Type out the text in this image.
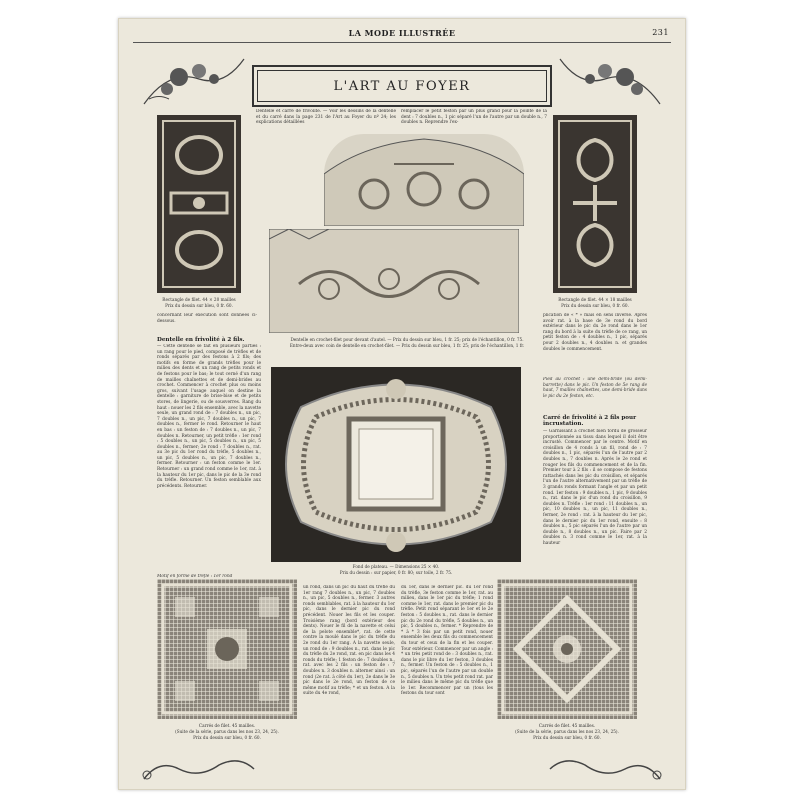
LA MODE ILLUSTRÉE	231
L'ART AU FOYER
Dentelle et carré de frivolité. — Voir les dessins de la dentelle et du carré dans la page 231 de l'Art au Foyer du nº 24; les explications détaillées
remplacer le petit feston par un plus grand pour la pointe de la dent : 7 doubles n., 1 pic séparé l'un de l'autre par un double n., 7 doubles n. Reprendre l'ex-
Rectangle de filet. 44 × 20 mailles
Prix du dessin sur bleu, 0 fr. 60.
concernant leur exécution sont données ci-dessous.
Rectangle de filet. 44 × 18 mailles
Prix du dessin sur bleu, 0 fr. 60.
Dentelle en crochet-filet pour devant d'autel. — Prix du dessin sur bleu, 1 fr. 25; prix de l'échantillon, 0 fr. 75.
Entre-deux avec coin de dentelle en crochet-filet. — Prix du dessin sur bleu, 1 fr. 25; prix de l'échantillon, 1 fr.
Dentelle en frivolité à 2 fils.
— Cette dentelle se fait en plusieurs parties : un rang pour le pied, composé de trèfles et de ronds séparés par des festons à 2 fils; des motifs en forme de grands trèfles pour le milieu des dents et un rang de petits ronds et de festons pour le bas; le tout cerné d'un rang de mailles chaînettes et de demi-brides au crochet. Commencer à crochet plus ou moins gros, suivant l'usage auquel on destine la dentelle : garniture de brise-bise et de petits stores, de lingerie, ou de sousverres. Rang du haut : nouer les 2 fils ensemble, avec la navette seule, un grand rond de : 7 doubles n., un pic, 7 doubles n., un pic, 7 doubles n., un pic, 7 doubles n., fermer le rond. Retourner le haut en bas : un feston de : 7 doubles n., un pic, 7 doubles n. Retourner, un petit trèfle : 1er rond : 5 doubles n., un pic, 5 doubles n., un pic, 5 doubles n., fermer; 2e rond : 7 doubles n., rat. au 3e pic du 1er rond du trèfle, 5 doubles n., un pic, 5 doubles n., un pic, 7 doubles n., fermer. Retourner : un feston comme le 1er. Retourner : un grand rond comme le 1er, rat. à la hauteur du 1er pic, dans le pic de la 3e rond du trèfle. Retourner. Un feston semblable aux précédents. Retourner.
Motif en forme de trèfle : 1er rond
plication de « * » mais en sens inverse. Après avoir rat. à la base de 3e rond du bord extérieur dans le pic du 2e rond dans le 1er rang du bord à la suite du trèfle de ce rang, un petit feston de : 4 doubles n., 1 pic, séparés pour 2 doubles n., 4 doubles n. et grandes doubles le commencement.
Pied au crochet : une demi-bride (ou demi-barrette) dans le pic. Un feston de 5e rang de haut, 7 mailles chaînettes, une demi-bride dans le pic du 2e feston, etc.
Carré de frivolité à 2 fils pour incrustation.
— Garnissant à crochet bien tordu de grosseur proportionnée au tissu dans lequel il doit être incrusté. Commencer par le centre. Motif en croisillon de 4 ronds à un fil, rond de : 7 doubles n., 1 pic, séparés l'un de l'autre par 2 doubles n., 7 doubles n. Après le 2e rond et rouger les fils du commencement et de la fin. Premier tour à 2 fils : il se compose de festons rattachés dans les pic du croisillon, et séparés l'un de l'autre alternativement par un trèfle de 3 grands ronds formant l'angle et par un petit rond. 1er feston : 9 doubles n., 1 pic, 9 doubles n., rat. dans le pic d'un rond du croisillon, 9 doubles n. Trèfle : 1er rond : 11 doubles n., un pic, 10 doubles n., un pic, 11 doubles n., fermer, 2e rond : rat. à la hauteur du 1er pic, dans le dernier pic du 1er rond, ensuite : 8 doubles n., 5 pic séparés l'un de l'autre par un double n., 8 doubles n., un pic. Faire par 2 doubles n. 3 rond comme le 1er, rat. à la hauteur
Fond de plateau. — Dimensions 25 × 40.
Prix du dessin : sur papier, 0 fr. 80; sur toile, 2 fr. 75.
Carrés de filet. 45 mailles.
(Suite de la série, parus dans les nos 23, 24, 25).
Prix du dessin sur bleu, 0 fr. 60.
Carrés de filet. 45 mailles.
(Suite de la série, parus dans les nos 23, 24, 25).
Prix du dessin sur bleu, 0 fr. 60.
un rond, dans un pic du haut du trèfle du 1er rang 7 doubles n., un pic, 7 doubles n., un pic, 5 doubles n., fermer. 3 autres ronds semblables, rat. à la hauteur du 1er pic, dans le dernier pic du rond précédent. Nouer les fils et les couper. Troisième rang (bord extérieur des dents). Nouer le fil de la navette et celui de la pelote ensemble*, rat. de cette contre la moulé dans le pic du trèfle du 2e rond du 1er rang. A la navette seule, un rond de : 9 doubles n., rat. dans le pic du trèfle du 2e rond, rat. en pic dans les 4 ronds du trèfle; 1 feston de : 7 doubles n., rat. avec les 2 fils : un feston de : 7 doubles n. 3 doubles n. alterner ainsi : un rond (2e rat. à côté du 1er), 2e dans le 3e pic dans le 2e rond, un feston de ce même motif au trèfle; * et un feston. A la suite du 4e rond,
du 1er, dans le dernier pic. du 1er rond du trèfle, 3e feston comme le 1er, rat. au milieu, dans le 1er pic du trèfle; 1 rond comme le 1er, rat. dans le premier pic du trèfle. Petit rond séparant le 1er et le 2e feston : 5 doubles n., rat. dans le dernier pic du 2e rond du trèfle, 5 doubles n., un pic, 5 doubles n., fermer. * Reprendre de * à * 3 fois par un petit rond, nouer ensemble les deux fils du commencement du tour et ceux de la fin et les couper. Tour extérieur. Commencer par un angle : * un très petit rond de : 3 doubles n., rat. dans le pic libre du 1er feston, 3 doubles n., fermer. Un feston de : 5 doubles n., 1 pic, séparés l'un de l'autre par un double n., 5 doubles n. Un très petit rond rat. par le milieu dans le même pic du trèfle que le 1er. Recommencer par un (tous les festons du tour sont
